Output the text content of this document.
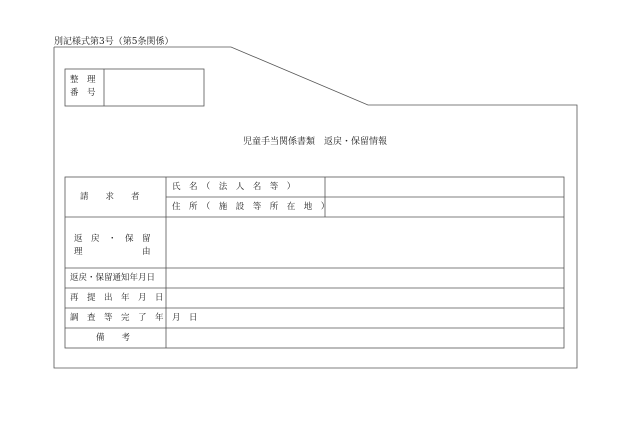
別記様式第3号（第5条関係）
整　理
番　号
児童手当関係書類　返戻・保留情報
請　　求　　者
氏　名　（　法　人　名　等　）
住　所　（　施　設　等　所　在　地　）
返　戻　・　保　留
理　　　　　　　由
返戻・保留通知年月日
再　提　出　年　月　日
調　査　等　完　了　年　月　日
備　　考
